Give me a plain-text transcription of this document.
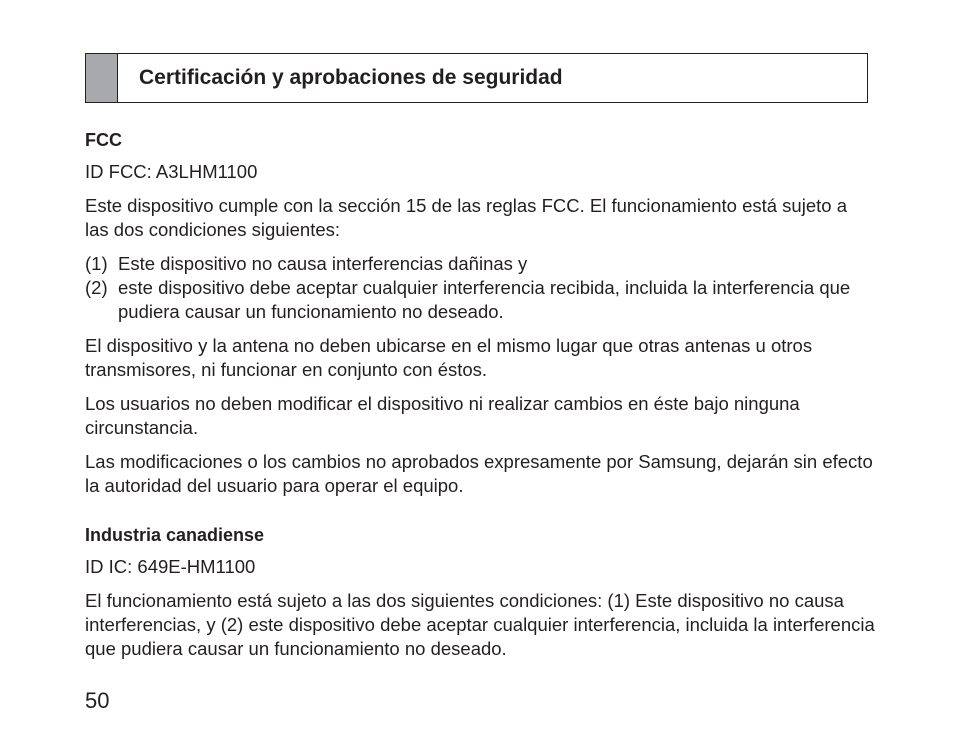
Certificación y aprobaciones de seguridad

FCC

ID FCC: A3LHM1100

Este dispositivo cumple con la sección 15 de las reglas FCC. El funcionamiento está sujeto a las dos condiciones siguientes:

(1) Este dispositivo no causa interferencias dañinas y
(2) este dispositivo debe aceptar cualquier interferencia recibida, incluida la interferencia que pudiera causar un funcionamiento no deseado.

El dispositivo y la antena no deben ubicarse en el mismo lugar que otras antenas u otros transmisores, ni funcionar en conjunto con éstos.

Los usuarios no deben modificar el dispositivo ni realizar cambios en éste bajo ninguna circunstancia.

Las modificaciones o los cambios no aprobados expresamente por Samsung, dejarán sin efecto la autoridad del usuario para operar el equipo.

Industria canadiense

ID IC: 649E-HM1100

El funcionamiento está sujeto a las dos siguientes condiciones: (1) Este dispositivo no causa interferencias, y (2) este dispositivo debe aceptar cualquier interferencia, incluida la interferencia que pudiera causar un funcionamiento no deseado.

50
